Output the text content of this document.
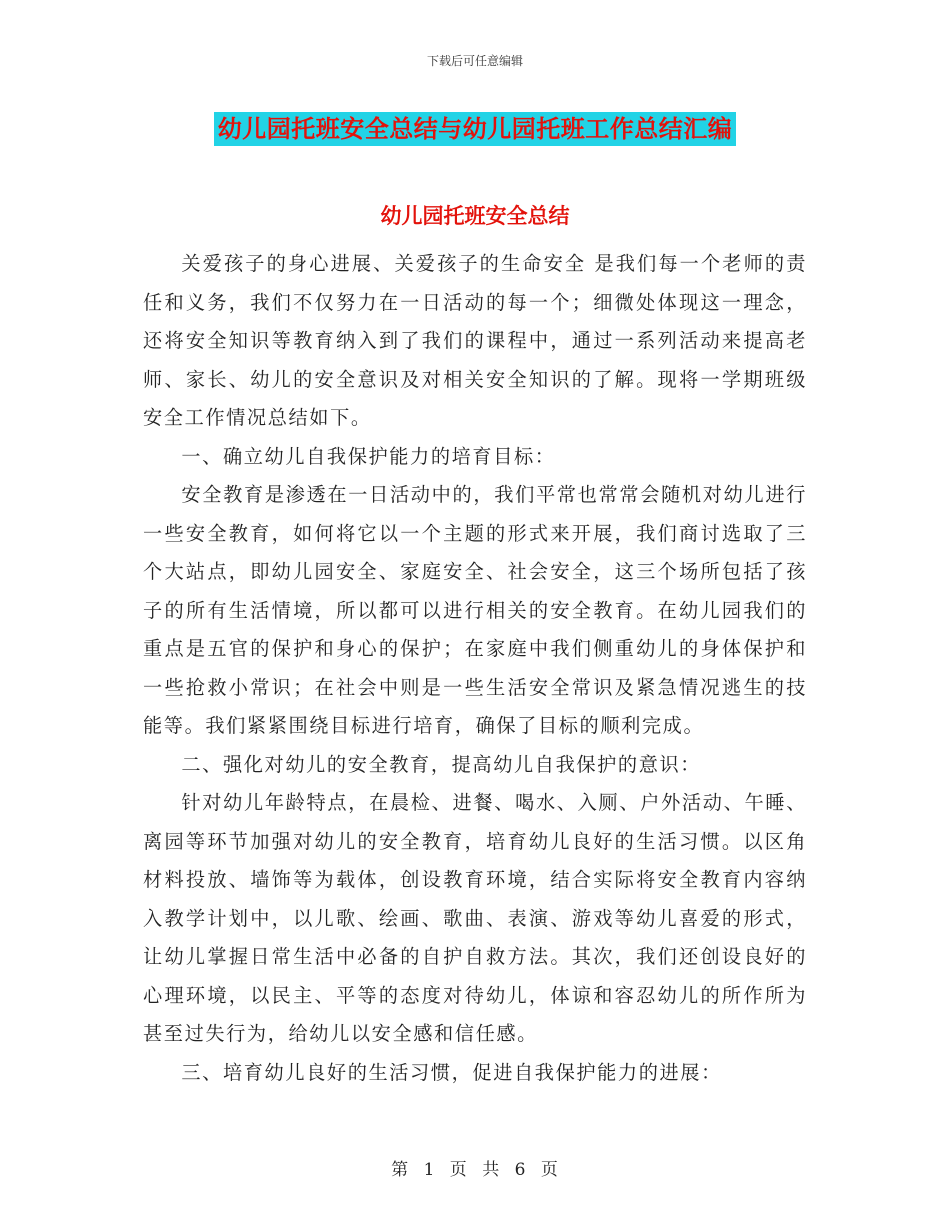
下载后可任意编辑
幼儿园托班安全总结与幼儿园托班工作总结汇编
幼儿园托班安全总结

关爱孩子的身心进展、关爱孩子的生命安全 是我们每一个老师的责任和义务，我们不仅努力在一日活动的每一个；细微处体现这一理念，还将安全知识等教育纳入到了我们的课程中，通过一系列活动来提高老师、家长、幼儿的安全意识及对相关安全知识的了解。现将一学期班级安全工作情况总结如下。

一、确立幼儿自我保护能力的培育目标：

安全教育是渗透在一日活动中的，我们平常也常常会随机对幼儿进行一些安全教育，如何将它以一个主题的形式来开展，我们商讨选取了三个大站点，即幼儿园安全、家庭安全、社会安全，这三个场所包括了孩子的所有生活情境，所以都可以进行相关的安全教育。在幼儿园我们的重点是五官的保护和身心的保护；在家庭中我们侧重幼儿的身体保护和一些抢救小常识；在社会中则是一些生活安全常识及紧急情况逃生的技能等。我们紧紧围绕目标进行培育，确保了目标的顺利完成。

二、强化对幼儿的安全教育，提高幼儿自我保护的意识：

针对幼儿年龄特点，在晨检、进餐、喝水、入厕、户外活动、午睡、离园等环节加强对幼儿的安全教育，培育幼儿良好的生活习惯。以区角材料投放、墙饰等为载体，创设教育环境，结合实际将安全教育内容纳入教学计划中，以儿歌、绘画、歌曲、表演、游戏等幼儿喜爱的形式，让幼儿掌握日常生活中必备的自护自救方法。其次，我们还创设良好的心理环境，以民主、平等的态度对待幼儿，体谅和容忍幼儿的所作所为甚至过失行为，给幼儿以安全感和信任感。

三、培育幼儿良好的生活习惯，促进自我保护能力的进展：

第 1 页 共 6 页
